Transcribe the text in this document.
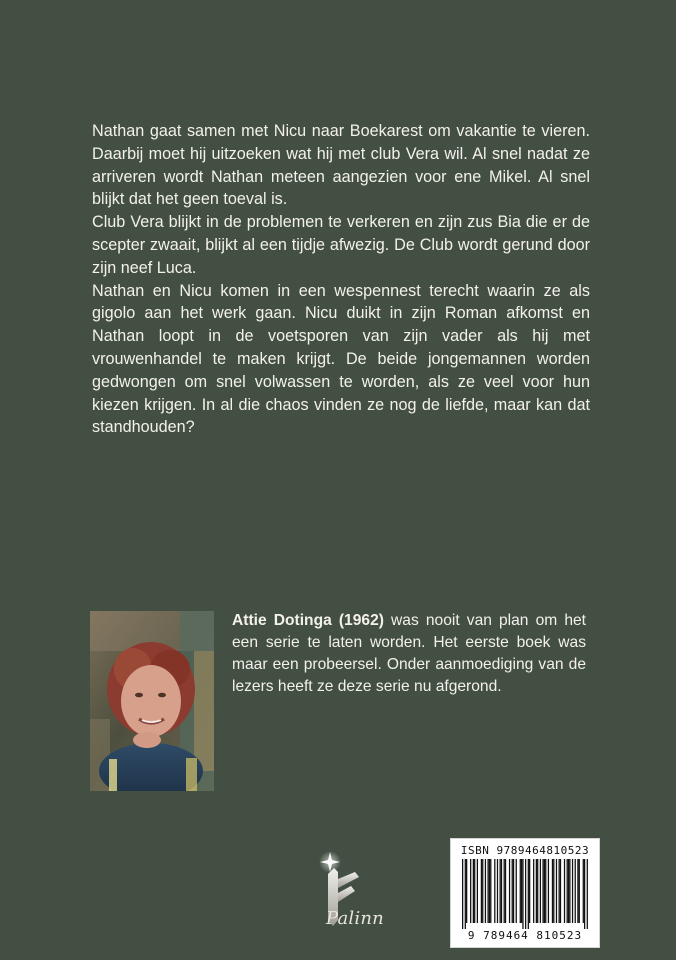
Nathan gaat samen met Nicu naar Boekarest om vakantie te vieren. Daarbij moet hij uitzoeken wat hij met club Vera wil. Al snel nadat ze arriveren wordt Nathan meteen aangezien voor ene Mikel. Al snel blijkt dat het geen toeval is.

Club Vera blijkt in de problemen te verkeren en zijn zus Bia die er de scepter zwaait, blijkt al een tijdje afwezig. De Club wordt gerund door zijn neef Luca.

Nathan en Nicu komen in een wespennest terecht waarin ze als gigolo aan het werk gaan. Nicu duikt in zijn Roman afkomst en Nathan loopt in de voetsporen van zijn vader als hij met vrouwenhandel te maken krijgt. De beide jongemannen worden gedwongen om snel volwassen te worden, als ze veel voor hun kiezen krijgen. In al die chaos vinden ze nog de liefde, maar kan dat standhouden?

Attie Dotinga (1962) was nooit van plan om het een serie te laten worden. Het eerste boek was maar een probeersel. Onder aanmoediging van de lezers heeft ze deze serie nu afgerond.
Palinn
ISBN 9789464810523
9 789464 810523
